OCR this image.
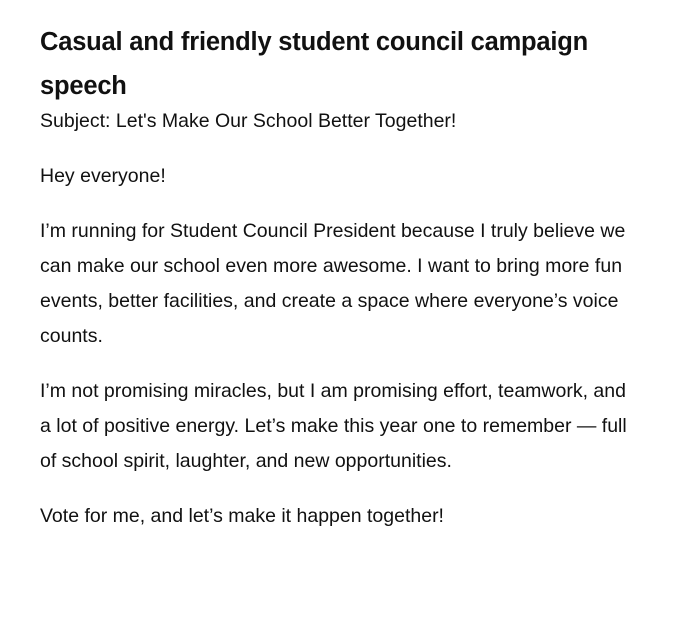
Casual and friendly student council campaign speech

Subject: Let's Make Our School Better Together!

Hey everyone!

I’m running for Student Council President because I truly believe we can make our school even more awesome. I want to bring more fun events, better facilities, and create a space where everyone’s voice counts.

I’m not promising miracles, but I am promising effort, teamwork, and a lot of positive energy. Let’s make this year one to remember — full of school spirit, laughter, and new opportunities.

Vote for me, and let’s make it happen together!
